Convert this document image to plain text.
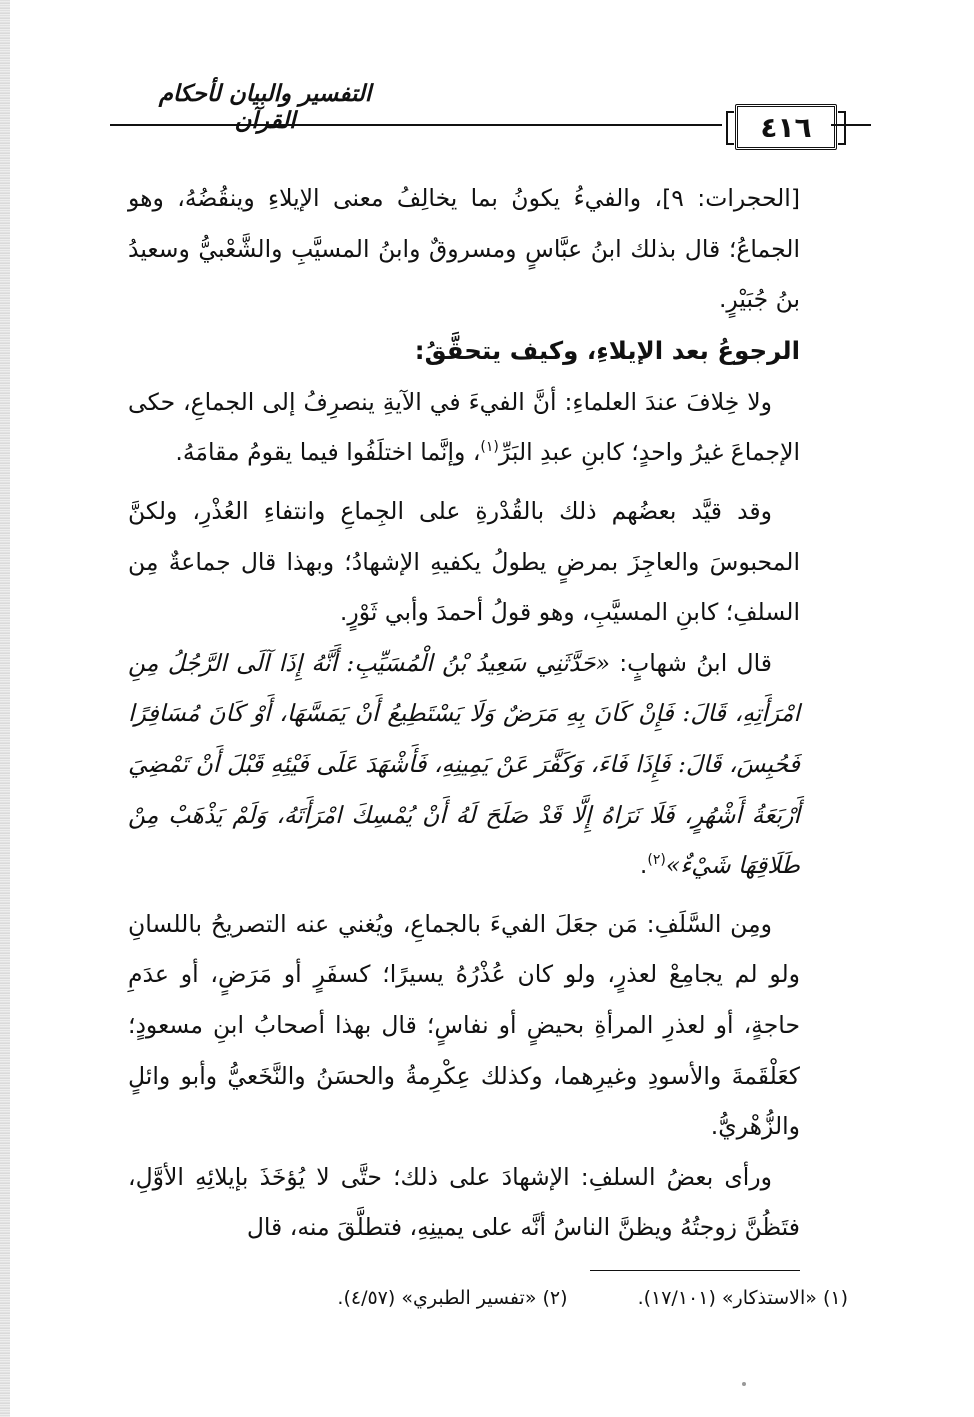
التفسير والبيان لأحكام القرآن	٤١٦

[الحجرات: ٩]، والفيءُ يكونُ بما يخالِفُ معنى الإيلاءِ وينقُضُهُ، وهو الجماعُ؛ قال بذلك ابنُ عبَّاسٍ ومسروقٌ وابنُ المسيَّبِ والشَّعْبيُّ وسعيدُ بنُ جُبَيْرٍ.

الرجوعُ بعد الإيلاءِ، وكيف يتحقَّقُ:

ولا خِلافَ عندَ العلماءِ: أنَّ الفيءَ في الآيةِ ينصرِفُ إلى الجماعِ، حكى الإجماعَ غيرُ واحدٍ؛ كابنِ عبدِ البَرِّ$^{(١)}$، وإنَّما اختلَفُوا فيما يقومُ مقامَهُ.

وقد قيَّد بعضُهم ذلك بالقُدْرةِ على الجِماعِ وانتفاءِ العُذْرِ، ولكنَّ المحبوسَ والعاجِزَ بمرضٍ يطولُ يكفيهِ الإشهادُ؛ وبهذا قال جماعةٌ مِن السلفِ؛ كابنِ المسيَّبِ، وهو قولُ أحمدَ وأبي ثَوْرٍ.

قال ابنُ شهابٍ: «حَدَّثَنِي سَعِيدُ بْنُ الْمُسَيِّبِ: أَنَّهُ إِذَا آلَى الرَّجُلُ مِنِ امْرَأَتِهِ، قَالَ: فَإِنْ كَانَ بِهِ مَرَضٌ وَلَا يَسْتَطِيعُ أَنْ يَمَسَّهَا، أَوْ كَانَ مُسَافِرًا فَحُبِسَ، قَالَ: فَإِذَا فَاءَ، وَكَفَّرَ عَنْ يَمِينِهِ، فَأَشْهَدَ عَلَى فَيْئِهِ قَبْلَ أَنْ تَمْضِيَ أَرْبَعَةُ أَشْهُرٍ، فَلَا نَرَاهُ إِلَّا قَدْ صَلَحَ لَهُ أَنْ يُمْسِكَ امْرَأَتَهُ، وَلَمْ يَذْهَبْ مِنْ طَلَاقِهَا شَيْءٌ»$^{(٢)}$.

ومِن السَّلَفِ: مَن جعَلَ الفيءَ بالجماعِ، ويُغني عنه التصريحُ باللسانِ ولو لم يجامِعْ لعذرٍ، ولو كان عُذْرُهُ يسيرًا؛ كسفَرٍ أو مَرَضٍ، أو عدَمِ حاجةٍ، أو لعذرِ المرأةِ بحيضٍ أو نفاسٍ؛ قال بهذا أصحابُ ابنِ مسعودٍ؛ كعَلْقَمةَ والأسودِ وغيرِهما، وكذلك عِكْرِمةُ والحسَنُ والنَّخَعيُّ وأبو وائلٍ والزُّهْريُّ.

ورأى بعضُ السلفِ: الإشهادَ على ذلك؛ حتَّى لا يُؤخَذَ بإيلائِهِ الأوَّلِ، فتَظُنَّ زوجتُهُ ويظنَّ الناسُ أنَّه على يمينِهِ، فتطلَّقَ منه، قال

(١) «الاستذكار» (١٧/١٠١).
(٢) «تفسير الطبري» (٤/٥٧).
